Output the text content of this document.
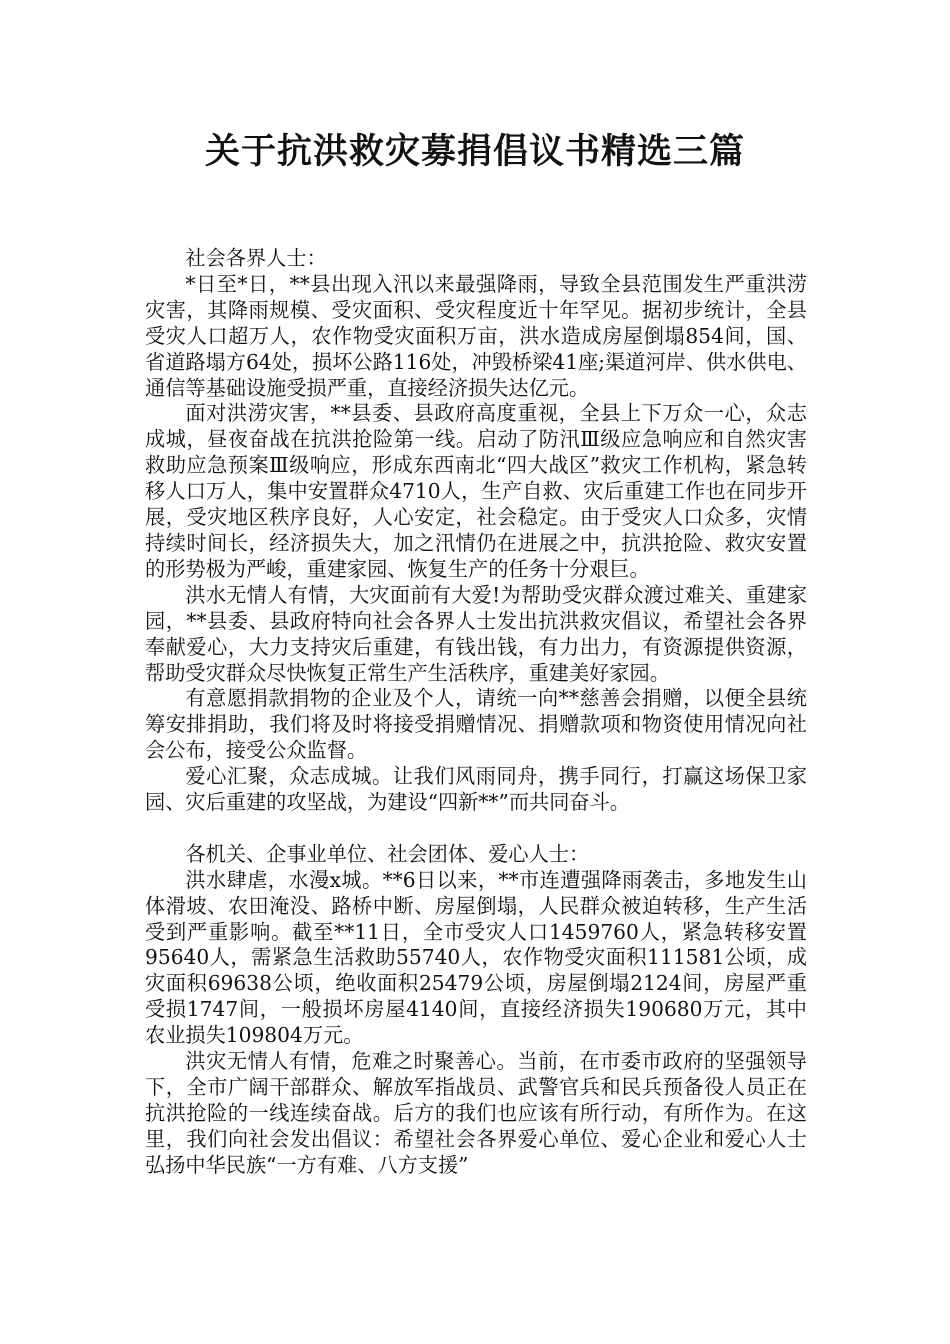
关于抗洪救灾募捐倡议书精选三篇

社会各界人士：

*日至*日，**县出现入汛以来最强降雨，导致全县范围发生严重洪涝灾害，其降雨规模、受灾面积、受灾程度近十年罕见。据初步统计，全县受灾人口超万人，农作物受灾面积万亩，洪水造成房屋倒塌854间，国、省道路塌方64处，损坏公路116处，冲毁桥梁41座;渠道河岸、供水供电、通信等基础设施受损严重，直接经济损失达亿元。

面对洪涝灾害，**县委、县政府高度重视，全县上下万众一心，众志成城，昼夜奋战在抗洪抢险第一线。启动了防汛Ⅲ级应急响应和自然灾害救助应急预案Ⅲ级响应，形成东西南北“四大战区”救灾工作机构，紧急转移人口万人，集中安置群众4710人，生产自救、灾后重建工作也在同步开展，受灾地区秩序良好，人心安定，社会稳定。由于受灾人口众多，灾情持续时间长，经济损失大，加之汛情仍在进展之中，抗洪抢险、救灾安置的形势极为严峻，重建家园、恢复生产的任务十分艰巨。

洪水无情人有情，大灾面前有大爱!为帮助受灾群众渡过难关、重建家园，**县委、县政府特向社会各界人士发出抗洪救灾倡议，希望社会各界奉献爱心，大力支持灾后重建，有钱出钱，有力出力，有资源提供资源，帮助受灾群众尽快恢复正常生产生活秩序，重建美好家园。

有意愿捐款捐物的企业及个人，请统一向**慈善会捐赠，以便全县统筹安排捐助，我们将及时将接受捐赠情况、捐赠款项和物资使用情况向社会公布，接受公众监督。

爱心汇聚，众志成城。让我们风雨同舟，携手同行，打赢这场保卫家园、灾后重建的攻坚战，为建设“四新**”而共同奋斗。

各机关、企事业单位、社会团体、爱心人士：

洪水肆虐，水漫x城。**6日以来，**市连遭强降雨袭击，多地发生山体滑坡、农田淹没、路桥中断、房屋倒塌，人民群众被迫转移，生产生活受到严重影响。截至**11日，全市受灾人口1459760人，紧急转移安置95640人，需紧急生活救助55740人，农作物受灾面积111581公顷，成灾面积69638公顷，绝收面积25479公顷，房屋倒塌2124间，房屋严重受损1747间，一般损坏房屋4140间，直接经济损失190680万元，其中农业损失109804万元。

洪灾无情人有情，危难之时聚善心。当前，在市委市政府的坚强领导下，全市广阔干部群众、解放军指战员、武警官兵和民兵预备役人员正在抗洪抢险的一线连续奋战。后方的我们也应该有所行动，有所作为。在这里，我们向社会发出倡议：希望社会各界爱心单位、爱心企业和爱心人士弘扬中华民族“一方有难、八方支援”
